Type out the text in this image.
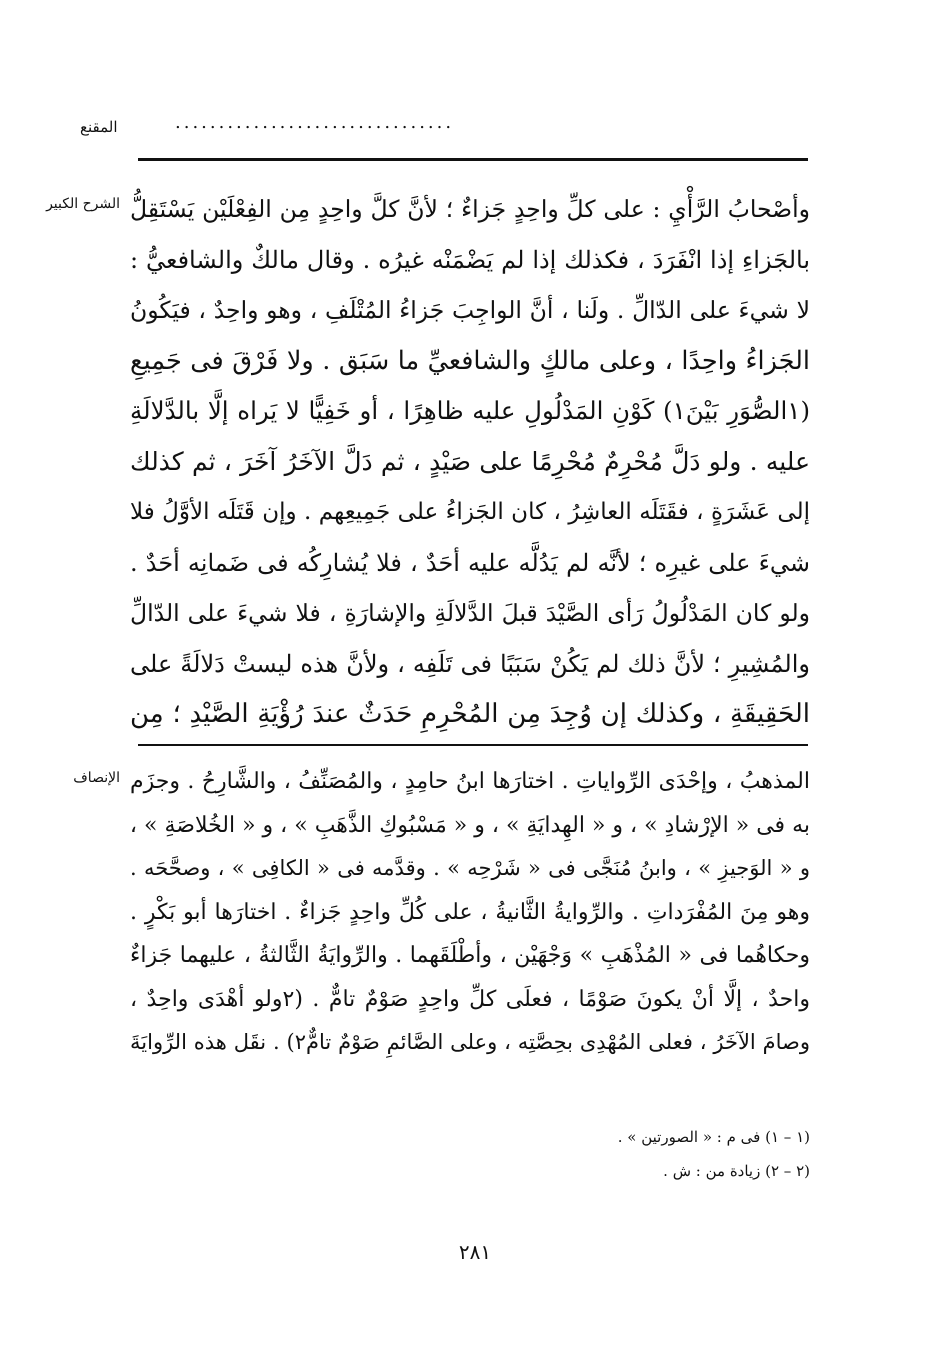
المقنع	................................
الشرح الكبير وأصْحابُ الرَّأْيِ : على كلِّ واحِدٍ جَزاءٌ ؛ لأنَّ كلَّ واحِدٍ مِن الفِعْلَيْن يَسْتَقِلُّ
بالجَزاءِ إذا انْفَرَدَ ، فكذلك إذا لم يَضْمَنْه غيرُه . وقال مالكٌ والشافعيُّ :
لا شيءَ على الدّالِّ . ولَنا ، أنَّ الواجِبَ جَزاءُ المُتْلَفِ ، وهو واحِدٌ ، فيَكُونُ
الجَزاءُ واحِدًا ، وعلى مالكٍ والشافعيِّ ما سَبَق . ولا فَرْقَ فى جَمِيعِ
(١الصُّوَرِ بَيْنَ١) كَوْنِ المَدْلُولِ عليه ظاهِرًا ، أو خَفِيًّا لا يَراه إلَّا بالدَّلالَةِ
عليه . ولو دَلَّ مُحْرِمٌ مُحْرِمًا على صَيْدٍ ، ثم دَلَّ الآخَرُ آخَرَ ، ثم كذلك
إلى عَشَرَةٍ ، فقَتَلَه العاشِرُ ، كان الجَزاءُ على جَمِيعِهم . وإن قَتَلَه الأوَّلُ فلا
شيءَ على غيرِه ؛ لأنَّه لم يَدُلَّه عليه أحَدٌ ، فلا يُشارِكُه فى ضَمانِه أحَدٌ .
ولو كان المَدْلُولُ رَأى الصَّيْدَ قبلَ الدَّلالَةِ والإشارَةِ ، فلا شيءَ على الدّالِّ
والمُشِيرِ ؛ لأنَّ ذلك لم يَكُنْ سَبَبًا فى تَلَفِه ، ولأنَّ هذه ليستْ دَلالَةً على
الحَقِيقَةِ ، وكذلك إن وُجِدَ مِن المُحْرِمِ حَدَثٌ عندَ رُؤْيَةِ الصَّيْدِ ؛ مِن
الإنصاف المذهبُ ، وإحْدَى الرِّواياتِ . اختارَها ابنُ حامِدٍ ، والمُصَنِّفُ ، والشَّارِحُ . وجزَم
به فى « الإرْشادِ » ، و « الهِدايَةِ » ، و « مَسْبُوكِ الذَّهَبِ » ، و « الخُلاصَةِ » ،
و « الوَجيزِ » ، وابنُ مُنَجَّى فى « شَرْحِه » . وقدَّمه فى « الكافِى » ، وصحَّحَه .
وهو مِنَ المُفْرَداتِ . والرِّوايةُ الثَّانيةُ ، على كُلِّ واحِدٍ جَزاءٌ . اختارَها أبو بَكْرٍ .
وحكاهُما فى « المُذْهَبِ » وَجْهَيْن ، وأطْلَقَهما . والرِّوايَةُ الثَّالثةُ ، عليهما جَزاءٌ
واحدٌ ، إلَّا أنْ يكونَ صَوْمًا ، فعلَى كلِّ واحِدٍ صَوْمٌ تامٌّ . (٢ولو أهْدَى واحِدٌ ،
وصامَ الآخَرُ ، فعلى المُهْدِى بحِصَّتِه ، وعلى الصَّائمِ صَوْمٌ تامٌّ٢) . نقَل هذه الرِّوايَةَ
(١ – ١) فى م : « الصورتين » .
(٢ – ٢) زيادة من : ش .
٢٨١
